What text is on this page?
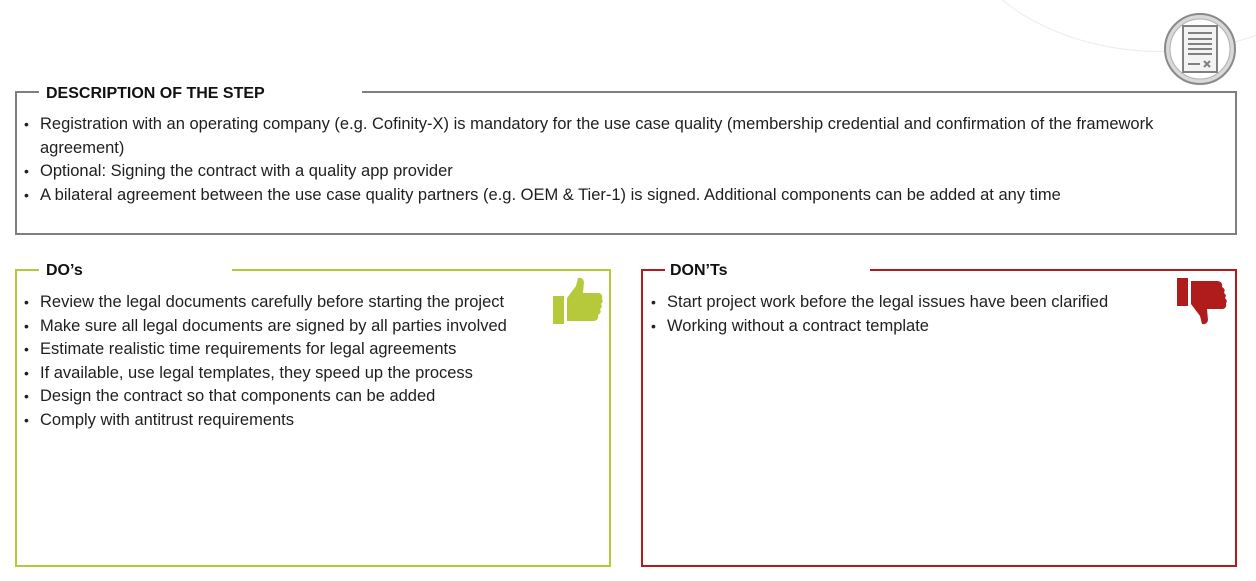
DESCRIPTION OF THE STEP
• Registration with an operating company (e.g. Cofinity-X) is mandatory for the use case quality (membership credential and confirmation of the framework agreement)
• Optional: Signing the contract with a quality app provider
• A bilateral agreement between the use case quality partners (e.g. OEM & Tier-1) is signed. Additional components can be added at any time
DO’s
• Review the legal documents carefully before starting the project
• Make sure all legal documents are signed by all parties involved
• Estimate realistic time requirements for legal agreements
• If available, use legal templates, they speed up the process
• Design the contract so that components can be added
• Comply with antitrust requirements
DON’Ts
• Start project work before the legal issues have been clarified
• Working without a contract template
